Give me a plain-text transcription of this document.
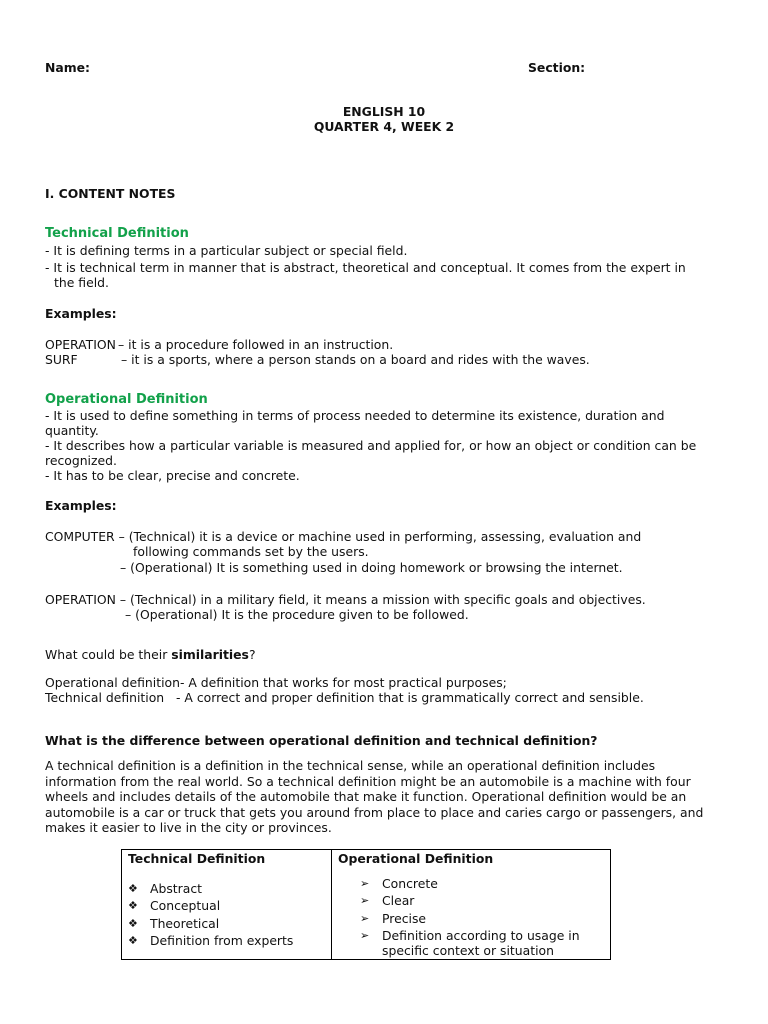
Name:	Section:
ENGLISH 10
QUARTER 4, WEEK 2
I. CONTENT NOTES
Technical Definition
- It is defining terms in a particular subject or special field.
- It is technical term in manner that is abstract, theoretical and conceptual. It comes from the expert in
the field.
Examples:
OPERATION – it is a procedure followed in an instruction.
SURF	– it is a sports, where a person stands on a board and rides with the waves.
Operational Definition
- It is used to define something in terms of process needed to determine its existence, duration and
quantity.
- It describes how a particular variable is measured and applied for, or how an object or condition can be
recognized.
- It has to be clear, precise and concrete.
Examples:
COMPUTER – (Technical) it is a device or machine used in performing, assessing, evaluation and
following commands set by the users.
– (Operational) It is something used in doing homework or browsing the internet.
OPERATION – (Technical) in a military field, it means a mission with specific goals and objectives.
– (Operational) It is the procedure given to be followed.
What could be their similarities?
Operational definition- A definition that works for most practical purposes;
Technical definition - A correct and proper definition that is grammatically correct and sensible.
What is the difference between operational definition and technical definition?
A technical definition is a definition in the technical sense, while an operational definition includes information from the real world. So a technical definition might be an automobile is a machine with four wheels and includes details of the automobile that make it function. Operational definition would be an automobile is a car or truck that gets you around from place to place and caries cargo or passengers, and makes it easier to live in the city or provinces.
Technical Definition
❖ Abstract
❖ Conceptual
❖ Theoretical
❖ Definition from experts

Operational Definition
➢ Concrete
➢ Clear
➢ Precise
➢ Definition according to usage in specific context or situation
